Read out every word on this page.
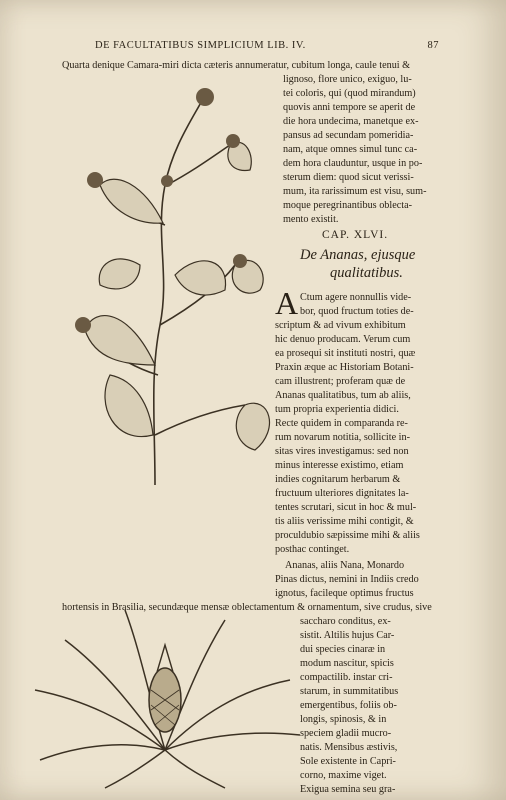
DE FACULTATIBUS SIMPLICIUM LIB. IV.	87
Quarta denique Camara-miri dicta cæteris annumeratur, cubitum longa, caule tenui &
lignoso, flore unico, exiguo, lu-
tei coloris, qui (quod mirandum)
quovis anni tempore se aperit de
die hora undecima, manetque ex-
pansus ad secundam pomeridia-
nam, atque omnes simul tunc ca-
dem hora clauduntur, usque in po-
sterum diem: quod sicut verissi-
mum, ita rarissimum est visu, sum-
moque peregrinantibus oblecta-
mento existit.
CAP. XLVI.
De Ananas, ejusque
qualitatibus.
A Ctum agere nonnullis vide-
bor, quod fructum toties de-
scriptum & ad vivum exhibitum
hic denuo producam. Verum cum
ea prosequi sit instituti nostri, quæ
Praxin æque ac Historiam Botani-
cam illustrent; proferam quæ de
Ananas qualitatibus, tum ab aliis,
tum propria experientia didici.
Recte quidem in comparanda re-
rum novarum notitia, sollicite in-
sitas vires investigamus: sed non
minus interesse existimo, etiam
indies cognitarum herbarum &
fructuum ulteriores dignitates la-
tentes scrutari, sicut in hoc & mul-
tis aliis verissime mihi contigit, &
proculdubio sæpissime mihi & aliis
posthac continget.
Ananas, aliis Nana, Monardo
Pinas dictus, nemini in Indiis credo
ignotus, facileque optimus fructus
hortensis in Brasilia, secundæque mensæ oblectamentum & ornamentum, sive crudus, sive
saccharo conditus, ex-
sistit. Altilis hujus Car-
dui species cinaræ in
modum nascitur, spicis
compactilib. instar cri-
starum, in summitatibus
emergentibus, foliis ob-
longis, spinosis, & in
speciem gladii mucro-
natis. Mensibus æstivis,
Sole existente in Capri-
corno, maxime viget.
Exigua semina seu gra-
